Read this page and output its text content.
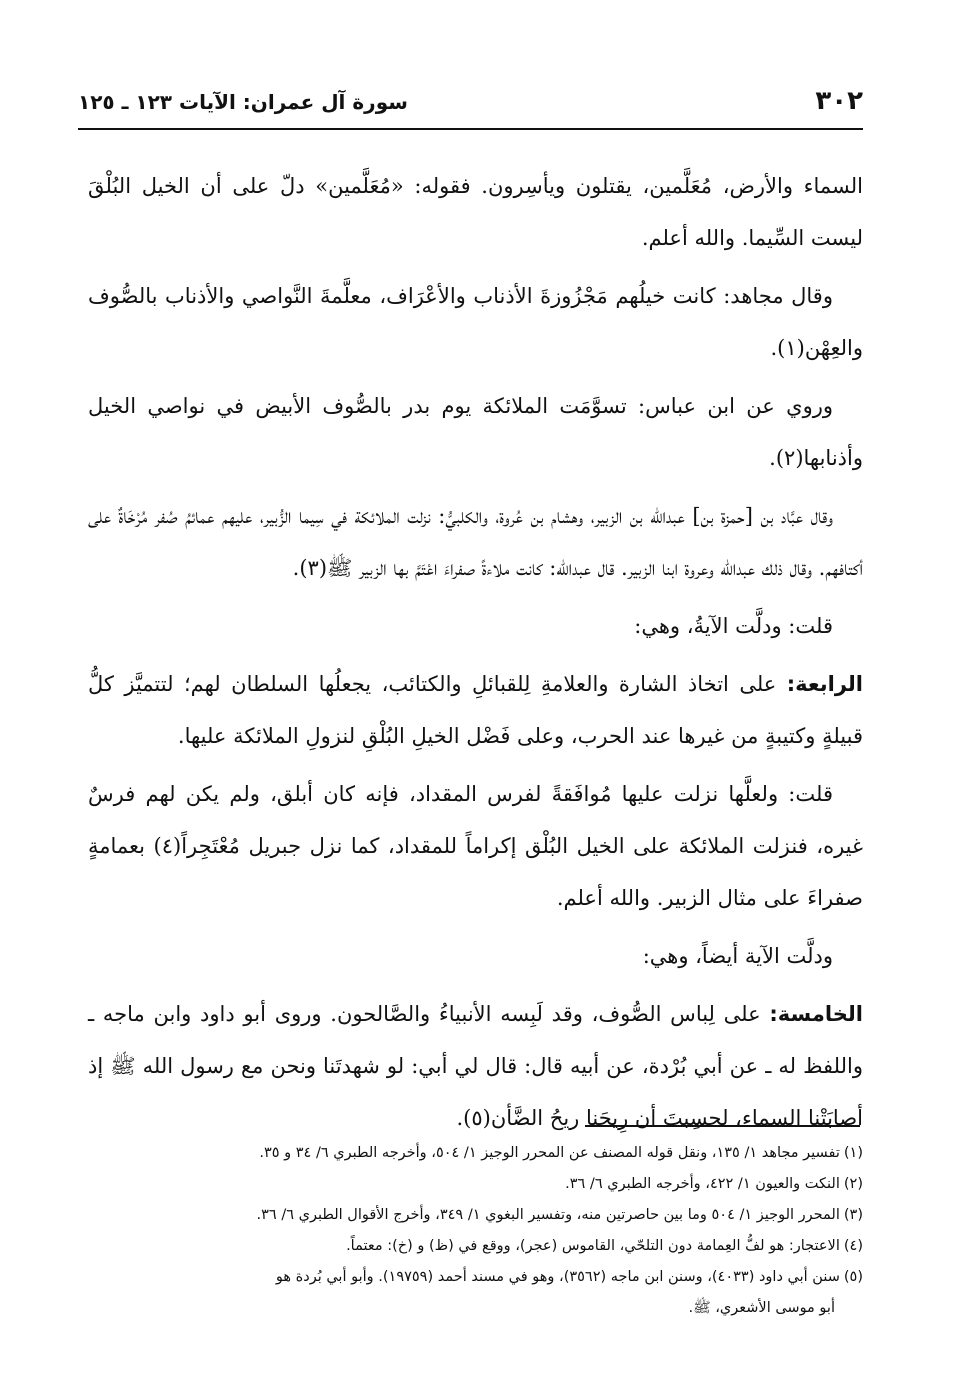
٣٠٢
سورة آل عمران: الآيات ١٢٣ ـ ١٢٥

السماء والأرض، مُعَلَّمين، يقتلون ويأسِرون. فقوله: «مُعَلَّمين» دلّ على أن الخيل البُلْقَ ليست السِّيما. والله أعلم.

وقال مجاهد: كانت خيلُهم مَجْزُوزةَ الأذناب والأعْرَاف، معلَّمةَ النَّواصي والأذناب بالصُّوف والعِهْن(١).

وروي عن ابن عباس: تسوَّمَت الملائكة يوم بدر بالصُّوف الأبيض في نواصي الخيل وأذنابها(٢).

وقال عبَّاد بن [حمزة بن] عبدالله بن الزبير، وهشام بن عُروة، والكلبيُّ: نزلت الملائكة في سِيما الزُّبير، عليهم عمائمُ صُفر مُرْخَاةٌ على أكتافهم. وقال ذلك عبدالله وعروة ابنا الزبير. قال عبدالله: كانت ملاءةً صفراءَ اعْتَمَّ بها الزبير ﷺ(٣).

قلت: ودلَّت الآيةُ، وهي:

الرابعة: على اتخاذ الشارة والعلامةِ لِلقبائلِ والكتائب، يجعلُها السلطان لهم؛ لتتميَّز كلُّ قبيلةٍ وكتيبةٍ من غيرها عند الحرب، وعلى فَضْل الخيلِ البُلْقِ لنزولِ الملائكة عليها.

قلت: ولعلَّها نزلت عليها مُوافَقةً لفرس المقداد، فإنه كان أبلق، ولم يكن لهم فرسٌ غيره، فنزلت الملائكة على الخيل البُلْق إكراماً للمقداد، كما نزل جبريل مُعْتَجِراً(٤) بعمامةٍ صفراءَ على مثال الزبير. والله أعلم.

ودلَّت الآية أيضاً، وهي:

الخامسة: على لِباس الصُّوف، وقد لَبِسه الأنبياءُ والصَّالحون. وروى أبو داود وابن ماجه ـ واللفظ له ـ عن أبي بُرْدة، عن أبيه قال: قال لي أبي: لو شهدتَنا ونحن مع رسول الله ﷺ إذ أصابَتْنا السماء، لحسِبتَ أن رِيحَنا ريحُ الضَّأن(٥).

(١)تفسير مجاهد ١/ ١٣٥، ونقل قوله المصنف عن المحرر الوجيز ١/ ٥٠٤، وأخرجه الطبري ٦/ ٣٤ و ٣٥.

(٢)النكت والعيون ١/ ٤٢٢، وأخرجه الطبري ٦/ ٣٦.

(٣)المحرر الوجيز ١/ ٥٠٤ وما بين حاصرتين منه، وتفسير البغوي ١/ ٣٤٩، وأخرج الأقوال الطبري ٦/ ٣٦.

(٤)الاعتجار: هو لفُّ العِمامة دون التلحّي، القاموس (عجر)، ووقع في (ظ) و (خ): معتماً.

(٥)سنن أبي داود (٤٠٣٣)، وسنن ابن ماجه (٣٥٦٢)، وهو في مسند أحمد (١٩٧٥٩). وأبو أبي بُردة هو

أبو موسى الأشعري، ﷺ.
